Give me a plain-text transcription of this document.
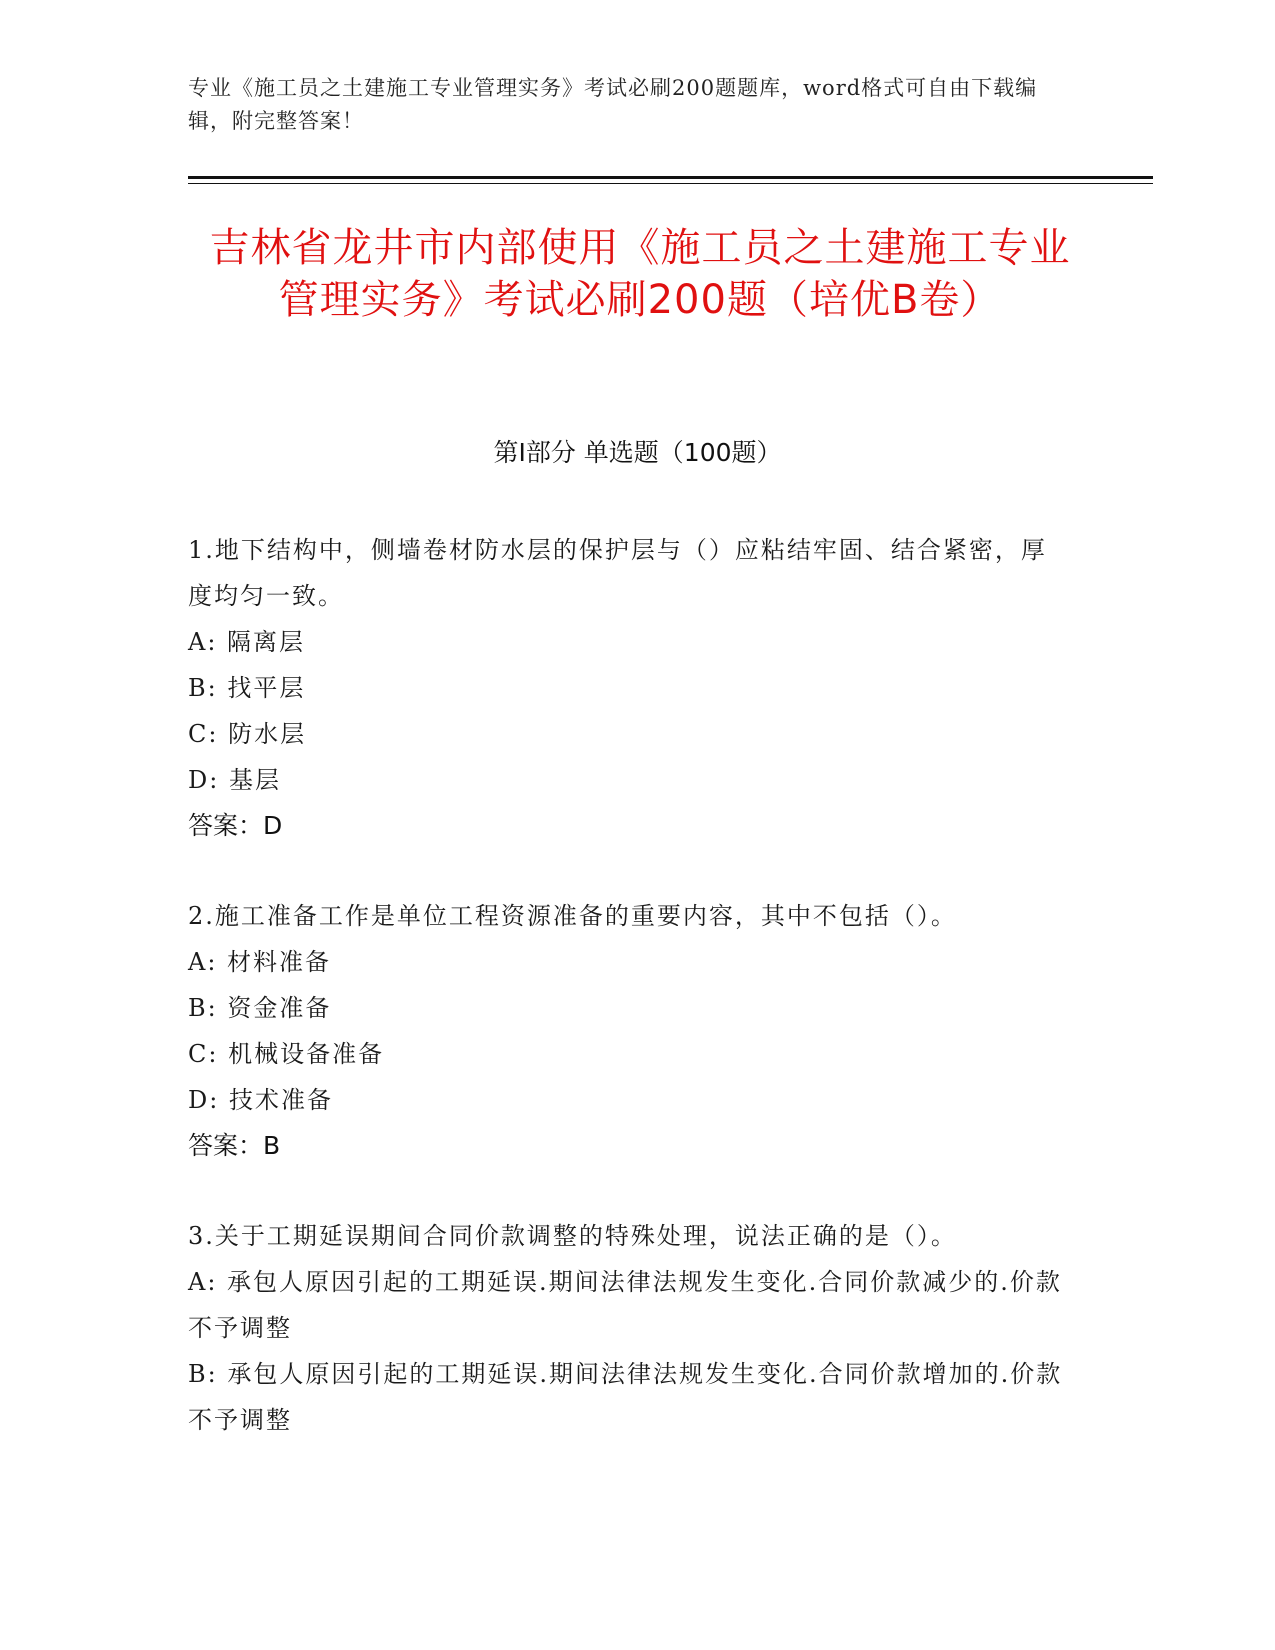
专业《施工员之土建施工专业管理实务》考试必刷200题题库，word格式可自由下载编辑，附完整答案！
吉林省龙井市内部使用《施工员之土建施工专业管理实务》考试必刷200题（培优B卷）
第Ⅰ部分 单选题（100题）
1.地下结构中，侧墙卷材防水层的保护层与（）应粘结牢固、结合紧密，厚度均匀一致。
A: 隔离层
B: 找平层
C: 防水层
D: 基层
答案：D
2.施工准备工作是单位工程资源准备的重要内容，其中不包括（）。
A: 材料准备
B: 资金准备
C: 机械设备准备
D: 技术准备
答案：B
3.关于工期延误期间合同价款调整的特殊处理，说法正确的是（）。
A: 承包人原因引起的工期延误.期间法律法规发生变化.合同价款减少的.价款不予调整
B: 承包人原因引起的工期延误.期间法律法规发生变化.合同价款增加的.价款不予调整
